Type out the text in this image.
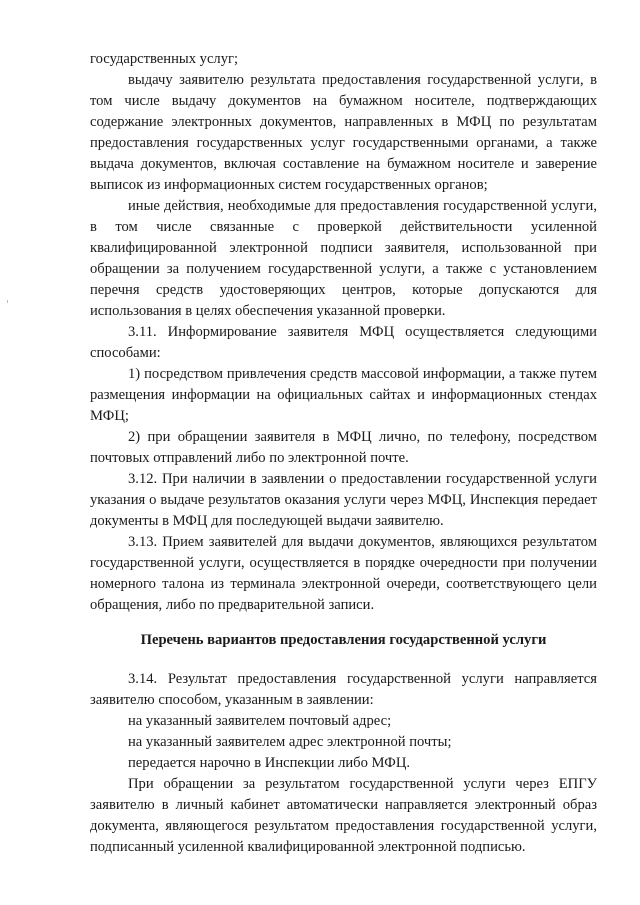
государственных услуг;

выдачу заявителю результата предоставления государственной услуги, в том числе выдачу документов на бумажном носителе, подтверждающих содержание электронных документов, направленных в МФЦ по результатам предоставления государственных услуг государственными органами, а также выдача документов, включая составление на бумажном носителе и заверение выписок из информационных систем государственных органов;

иные действия, необходимые для предоставления государственной услуги, в том числе связанные с проверкой действительности усиленной квалифицированной электронной подписи заявителя, использованной при обращении за получением государственной услуги, а также с установлением перечня средств удостоверяющих центров, которые допускаются для использования в целях обеспечения указанной проверки.

3.11. Информирование заявителя МФЦ осуществляется следующими способами:

1) посредством привлечения средств массовой информации, а также путем размещения информации на официальных сайтах и информационных стендах МФЦ;

2) при обращении заявителя в МФЦ лично, по телефону, посредством почтовых отправлений либо по электронной почте.

3.12. При наличии в заявлении о предоставлении государственной услуги указания о выдаче результатов оказания услуги через МФЦ, Инспекция передает документы в МФЦ для последующей выдачи заявителю.

3.13. Прием заявителей для выдачи документов, являющихся результатом государственной услуги, осуществляется в порядке очередности при получении номерного талона из терминала электронной очереди, соответствующего цели обращения, либо по предварительной записи.

Перечень вариантов предоставления государственной услуги

3.14. Результат предоставления государственной услуги направляется заявителю способом, указанным в заявлении:

на указанный заявителем почтовый адрес;

на указанный заявителем адрес электронной почты;

передается нарочно в Инспекции либо МФЦ.

При обращении за результатом государственной услуги через ЕПГУ заявителю в личный кабинет автоматически направляется электронный образ документа, являющегося результатом предоставления государственной услуги, подписанный усиленной квалифицированной электронной подписью.
